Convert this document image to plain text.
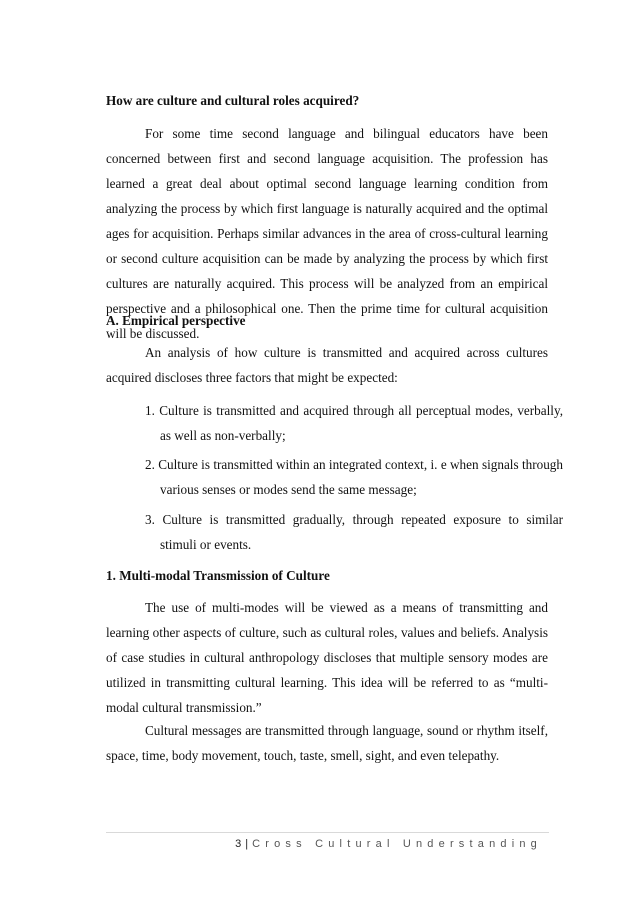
How are culture and cultural roles acquired?

For some time second language and bilingual educators have been concerned between first and second language acquisition. The profession has learned a great deal about optimal second language learning condition from analyzing the process by which first language is naturally acquired and the optimal ages for acquisition. Perhaps similar advances in the area of cross-cultural learning or second culture acquisition can be made by analyzing the process by which first cultures are naturally acquired. This process will be analyzed from an empirical perspective and a philosophical one. Then the prime time for cultural acquisition will be discussed.

A. Empirical perspective

An analysis of how culture is transmitted and acquired across cultures acquired discloses three factors that might be expected:

1. Culture is transmitted and acquired through all perceptual modes, verbally, as well as non-verbally;

2. Culture is transmitted within an integrated context, i. e when signals through various senses or modes send the same message;

3. Culture is transmitted gradually, through repeated exposure to similar stimuli or events.

1. Multi-modal Transmission of Culture

The use of multi-modes will be viewed as a means of transmitting and learning other aspects of culture, such as cultural roles, values and beliefs. Analysis of case studies in cultural anthropology discloses that multiple sensory modes are utilized in transmitting cultural learning. This idea will be referred to as “multi-modal cultural transmission.”

Cultural messages are transmitted through language, sound or rhythm itself, space, time, body movement, touch, taste, smell, sight, and even telepathy.

3 | Cross Cultural Understanding
